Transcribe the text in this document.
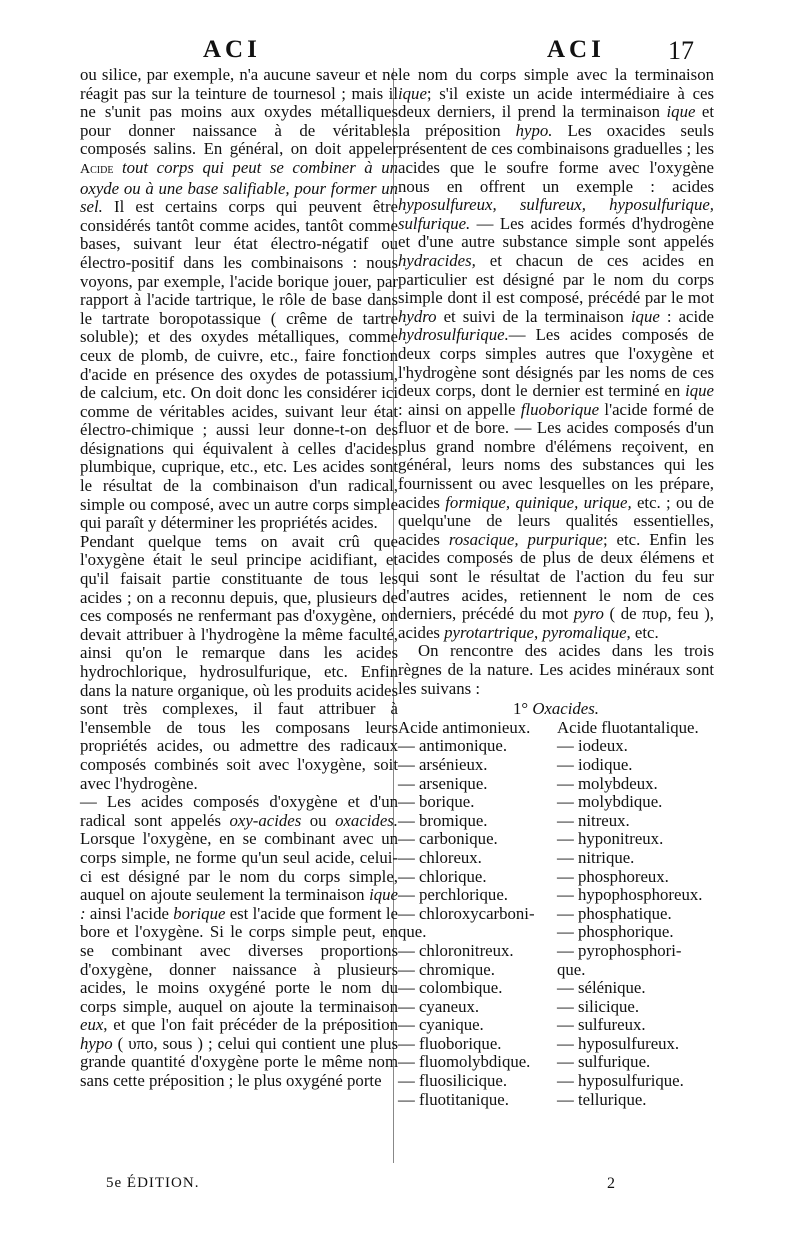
ACI	ACI 17

ou silice, par exemple, n'a aucune saveur et ne réagit pas sur la teinture de tournesol ; mais il ne s'unit pas moins aux oxydes métalliques pour donner naissance à de véritables composés salins. En général, on doit appeler Acide tout corps qui peut se combiner à un oxyde ou à une base salifiable, pour former un sel. Il est certains corps qui peuvent être considérés tantôt comme acides, tantôt comme bases, suivant leur état électro-négatif ou électro-positif dans les combinaisons : nous voyons, par exemple, l'acide borique jouer, par rapport à l'acide tartrique, le rôle de base dans le tartrate boropotassique ( crême de tartre soluble); et des oxydes métalliques, comme ceux de plomb, de cuivre, etc., faire fonction d'acide en présence des oxydes de potassium, de calcium, etc. On doit donc les considérer ici comme de véritables acides, suivant leur état électro-chimique ; aussi leur donne-t-on des désignations qui équivalent à celles d'acides plumbique, cuprique, etc., etc. Les acides sont le résultat de la combinaison d'un radical, simple ou composé, avec un autre corps simple qui paraît y déterminer les propriétés acides.

Pendant quelque tems on avait crû que l'oxygène était le seul principe acidifiant, et qu'il faisait partie constituante de tous les acides ; on a reconnu depuis, que, plusieurs de ces composés ne renfermant pas d'oxygène, on devait attribuer à l'hydrogène la même faculté, ainsi qu'on le remarque dans les acides hydrochlorique, hydrosulfurique, etc. Enfin dans la nature organique, où les produits acides sont très complexes, il faut attribuer à l'ensemble de tous les composans leurs propriétés acides, ou admettre des radicaux composés combinés soit avec l'oxygène, soit avec l'hydrogène.

— Les acides composés d'oxygène et d'un radical sont appelés oxy-acides ou oxacides. Lorsque l'oxygène, en se combinant avec un corps simple, ne forme qu'un seul acide, celui-ci est désigné par le nom du corps simple, auquel on ajoute seulement la terminaison ique : ainsi l'acide borique est l'acide que forment le bore et l'oxygène. Si le corps simple peut, en se combinant avec diverses proportions d'oxygène, donner naissance à plusieurs acides, le moins oxygéné porte le nom du corps simple, auquel on ajoute la terminaison eux, et que l'on fait précéder de la préposition hypo ( υπο, sous ) ; celui qui contient une plus grande quantité d'oxygène porte le même nom sans cette préposition ; le plus oxygéné porte

le nom du corps simple avec la terminaison ique; s'il existe un acide intermédiaire à ces deux derniers, il prend la terminaison ique et la préposition hypo. Les oxacides seuls présentent de ces combinaisons graduelles ; les acides que le soufre forme avec l'oxygène nous en offrent un exemple : acides hyposulfureux, sulfureux, hyposulfurique, sulfurique. — Les acides formés d'hydrogène et d'une autre substance simple sont appelés hydracides, et chacun de ces acides en particulier est désigné par le nom du corps simple dont il est composé, précédé par le mot hydro et suivi de la terminaison ique : acide hydrosulfurique.— Les acides composés de deux corps simples autres que l'oxygène et l'hydrogène sont désignés par les noms de ces deux corps, dont le dernier est terminé en ique : ainsi on appelle fluoborique l'acide formé de fluor et de bore. — Les acides composés d'un plus grand nombre d'élémens reçoivent, en général, leurs noms des substances qui les fournissent ou avec lesquelles on les prépare, acides formique, quinique, urique, etc. ; ou de quelqu'une de leurs qualités essentielles, acides rosacique, purpurique; etc. Enfin les acides composés de plus de deux élémens et qui sont le résultat de l'action du feu sur d'autres acides, retiennent le nom de ces derniers, précédé du mot pyro ( de πυρ, feu ), acides pyrotartrique, pyromalique, etc.

On rencontre des acides dans les trois règnes de la nature. Les acides minéraux sont les suivans :

1° Oxacides.
Acide antimonieux.
— antimonique.
— arsénieux.
— arsenique.
— borique.
— bromique.
— carbonique.
— chloreux.
— chlorique.
— perchlorique.
— chloroxycarboni-
que.
— chloronitreux.
— chromique.
— colombique.
— cyaneux.
— cyanique.
— fluoborique.
— fluomolybdique.
— fluosilicique.
— fluotitanique.
Acide fluotantalique.
— iodeux.
— iodique.
— molybdeux.
— molybdique.
— nitreux.
— hyponitreux.
— nitrique.
— phosphoreux.
— hypophosphoreux.
— phosphatique.
— phosphorique.
— pyrophosphori-
que.
— sélénique.
— silicique.
— sulfureux.
— hyposulfureux.
— sulfurique.
— hyposulfurique.
— tellurique.
5e ÉDITION.	2
